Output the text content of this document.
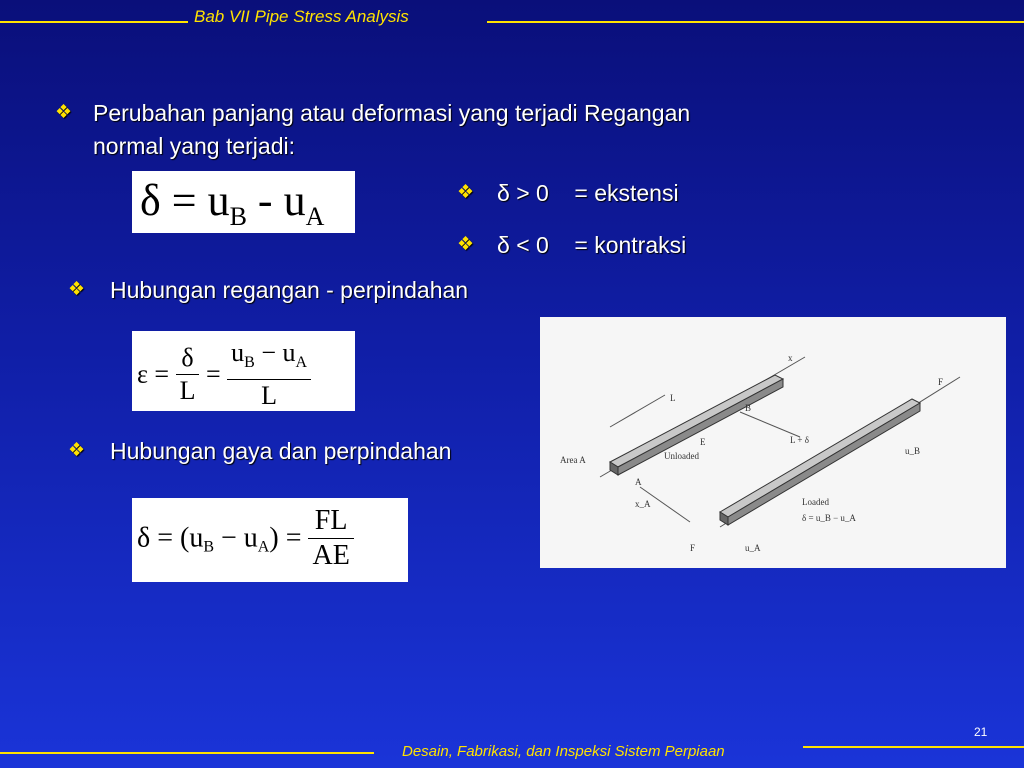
Bab VII Pipe Stress Analysis
❖ Perubahan panjang atau deformasi yang terjadi Regangan
normal yang terjadi:
$\delta = u_B - u_A$
❖ δ > 0    = ekstensi
❖ δ < 0    = kontraksi
❖ Hubungan regangan - perpindahan
$\varepsilon = \frac{\delta}{L} = \frac{u_B - u_A}{L}$
❖ Hubungan gaya dan perpindahan
$\delta = (u_B - u_A) = \frac{FL}{AE}$
Area A	Unloaded
Loaded
δ = u_B − u_A
L
B
A
E
F
F
x
u_B
u_A
x_A
L + δ
21
Desain, Fabrikasi, dan Inspeksi Sistem Perpiaan
